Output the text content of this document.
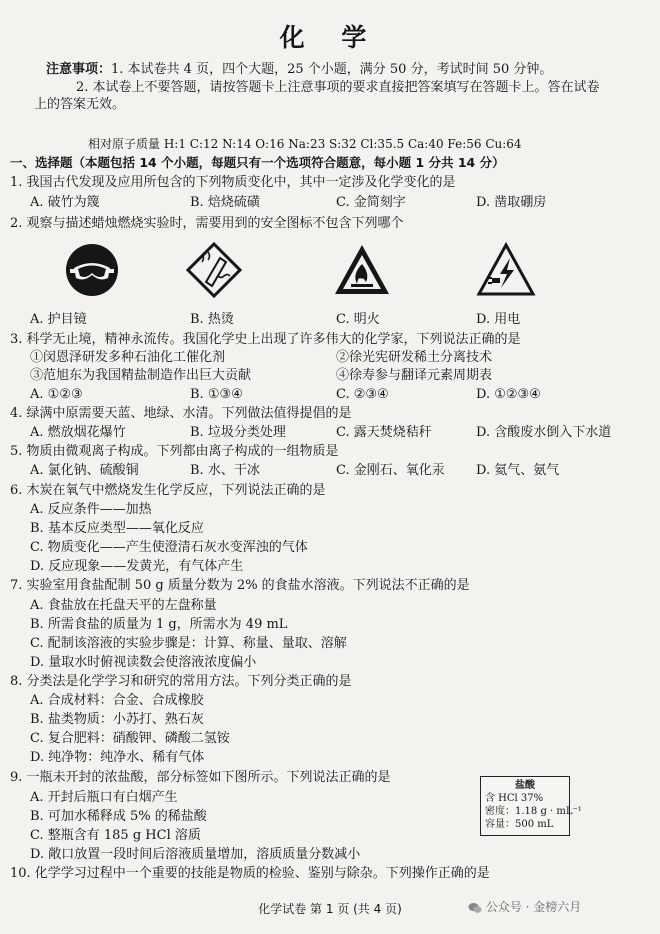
化 学
注意事项：1. 本试卷共 4 页，四个大题，25 个小题，满分 50 分，考试时间 50 分钟。
2. 本试卷上不要答题，请按答题卡上注意事项的要求直接把答案填写在答题卡上。答在试卷
上的答案无效。
相对原子质量 H:1 C:12 N:14 O:16 Na:23 S:32 Cl:35.5 Ca:40 Fe:56 Cu:64
一、选择题（本题包括 14 个小题，每题只有一个选项符合题意，每小题 1 分共 14 分）
1. 我国古代发现及应用所包含的下列物质变化中，其中一定涉及化学变化的是
A. 破竹为篾	B. 焙烧硫磺	C. 金简刻字	D. 凿取硼房
2. 观察与描述蜡烛燃烧实验时，需要用到的安全图标不包含下列哪个
A. 护目镜	B. 热烫	C. 明火	D. 用电
3. 科学无止境，精神永流传。我国化学史上出现了许多伟大的化学家，下列说法正确的是
①闵恩泽研发多种石油化工催化剂	②徐光宪研发稀土分离技术
③范旭东为我国精盐制造作出巨大贡献	④徐寿参与翻译元素周期表
A. ①②③	B. ①③④	C. ②③④	D. ①②③④
4. 绿满中原需要天蓝、地绿、水清。下列做法值得提倡的是
A. 燃放烟花爆竹	B. 垃圾分类处理	C. 露天焚烧秸秆	D. 含酸废水倒入下水道
5. 物质由微观离子构成。下列都由离子构成的一组物质是
A. 氯化钠、硫酸铜	B. 水、干冰	C. 金刚石、氧化汞 D. 氦气、氨气
6. 木炭在氧气中燃烧发生化学反应，下列说法正确的是
A. 反应条件——加热
B. 基本反应类型——氧化反应
C. 物质变化——产生使澄清石灰水变浑浊的气体
D. 反应现象——发黄光，有气体产生
7. 实验室用食盐配制 50 g 质量分数为 2% 的食盐水溶液。下列说法不正确的是
A. 食盐放在托盘天平的左盘称量
B. 所需食盐的质量为 1 g，所需水为 49 mL
C. 配制该溶液的实验步骤是：计算、称量、量取、溶解
D. 量取水时俯视读数会使溶液浓度偏小
8. 分类法是化学学习和研究的常用方法。下列分类正确的是
A. 合成材料：合金、合成橡胶
B. 盐类物质：小苏打、熟石灰
C. 复合肥料：硝酸钾、磷酸二氢铵
D. 纯净物：纯净水、稀有气体
9. 一瓶未开封的浓盐酸，部分标签如下图所示。下列说法正确的是
A. 开封后瓶口有白烟产生
B. 可加水稀释成 5% 的稀盐酸
C. 整瓶含有 185 g HCl 溶质
D. 敞口放置一段时间后溶液质量增加，溶质质量分数减小
盐酸
含 HCl 37%
密度：1.18 g · mL⁻¹
容量：500 mL
10. 化学学习过程中一个重要的技能是物质的检验、鉴别与除杂。下列操作正确的是
化学试卷 第 1 页 (共 4 页)	公众号 · 金榜六月
